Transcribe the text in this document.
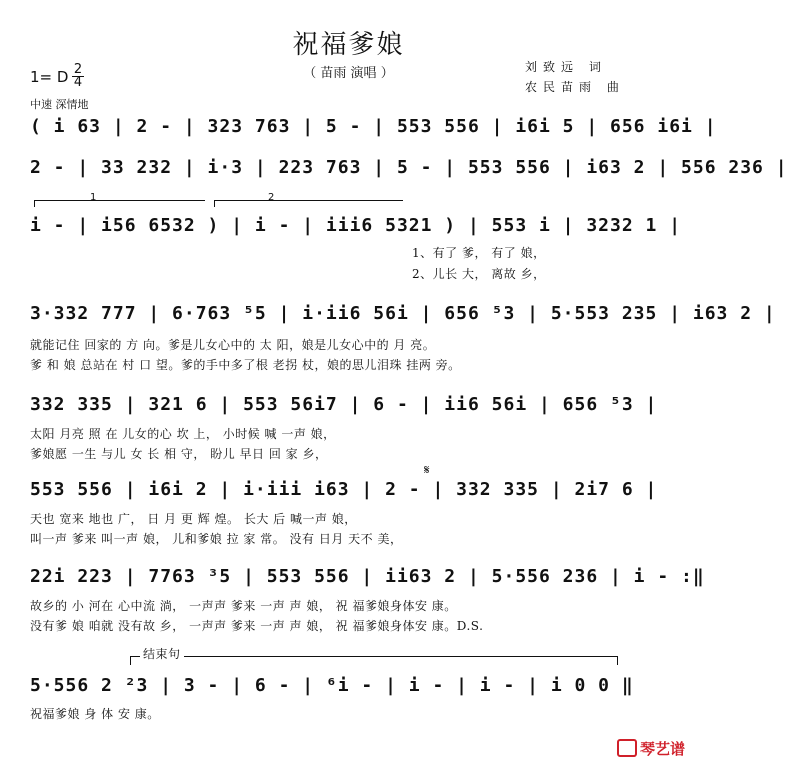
祝福爹娘
（ 苗雨 演唱 ）	刘致远 词
农民苗雨 曲
1= D $\frac{2}{4}$
中速 深情地
( i 63 | 2 - | 323 763 | 5 - | 553 556 | i6i 5 | 656 i6i |
2 - | 33 232 | i·3 | 223 763 | 5 - | 553 556 | i63 2 | 556 236 |
1	2
i - | i56 6532 ) | i - | iii6 5321 ) | 553 i | 3232 1 |
1、有了 爹， 有了 娘，
2、儿长 大， 离故 乡，
3·332 777 | 6·763 ⁵5 | i·ii6 56i | 656 ⁵3 | 5·553 235 | i63 2 |
就能记住 回家的 方 向。爹是儿女心中的 太 阳，娘是儿女心中的 月 亮。
爹 和 娘 总站在 村 口 望。爹的手中多了根 老拐 杖，娘的思儿泪珠 挂两 旁。
332 335 | 321 6 | 553 56i7 | 6 - | ii6 56i | 656 ⁵3 |
太阳 月亮 照 在 儿女的心 坎 上， 小时候 喊 一声 娘，
爹娘愿 一生 与儿 女 长 相 守， 盼儿 早日 回 家 乡，
𝄋
553 556 | i6i 2 | i·iii i63 | 2 - | 332 335 | 2i7 6 |
天也 宽来 地也 广， 日 月 更 辉 煌。 长大 后 喊一声 娘，
叫一声 爹来 叫一声 娘， 儿和爹娘 拉 家 常。 没有 日月 天不 美，
22i 223 | 7763 ³5 | 553 556 | ii63 2 | 5·556 236 | i - :‖
故乡的 小 河在 心中流 淌， 一声声 爹来 一声 声 娘， 祝 福爹娘身体安 康。
没有爹 娘 咱就 没有故 乡， 一声声 爹来 一声 声 娘， 祝 福爹娘身体安 康。D.S.
结束句
5·556 2 ²3 | 3 - | 6 - | ⁶i - | i - | i - | i 0 0 ‖
祝福爹娘 身 体 安 康。
琴艺谱
